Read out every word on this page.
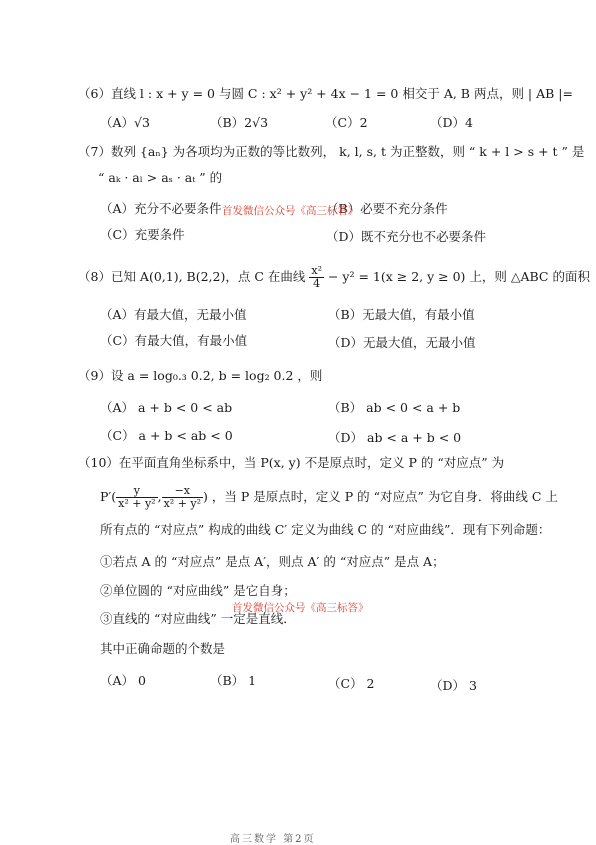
（6）直线 l : x + y = 0 与圆 C : x² + y² + 4x − 1 = 0 相交于 A, B 两点，则 | AB |=
（A）√3	（B）2√3	（C）2	（D）4
（7）数列 {aₙ} 为各项均为正数的等比数列， k, l, s, t 为正整数，则 “ k + l > s + t ” 是
“ aₖ · aₗ > aₛ · aₜ ” 的
（A）充分不必要条件	（B）必要不充分条件
（C）充要条件	（D）既不充分也不必要条件
首发微信公众号《高三标答》
（8）已知 A(0,1), B(2,2)，点 C 在曲线 $\frac{\text{x²}}{4} - y^2 = 1(x \ge 2$, y ≥ 0) 上，则 △ABC 的面积
（A）有最大值，无最小值	（B）无最大值，有最小值
（C）有最大值，有最小值	（D）无最大值，无最小值
（9）设 a = log₀.₃ 0.2, b = log₂ 0.2 ，则
（A） a + b < 0 < ab	（B） ab < 0 < a + b
（C） a + b < ab < 0	（D） ab < a + b < 0
（10）在平面直角坐标系中，当 P(x, y) 不是原点时，定义 P 的 “对应点” 为
$P'( \frac{y}{\text{x² + y²}}$ , $\frac{-x}{\text{x² + y²}}$ ) ，当 P 是原点时，定义 P 的 “对应点” 为它自身．将曲线 C 上
所有点的 “对应点” 构成的曲线 C′ 定义为曲线 C 的 “对应曲线”．现有下列命题：
①若点 A 的 “对应点” 是点 A′，则点 A′ 的 “对应点” 是点 A；
②单位圆的 “对应曲线” 是它自身；
③直线的 “对应曲线” 一定是直线．
首发微信公众号《高三标答》
其中正确命题的个数是
（A） 0	（B） 1	（C） 2	（D） 3
高三数学 第2页
